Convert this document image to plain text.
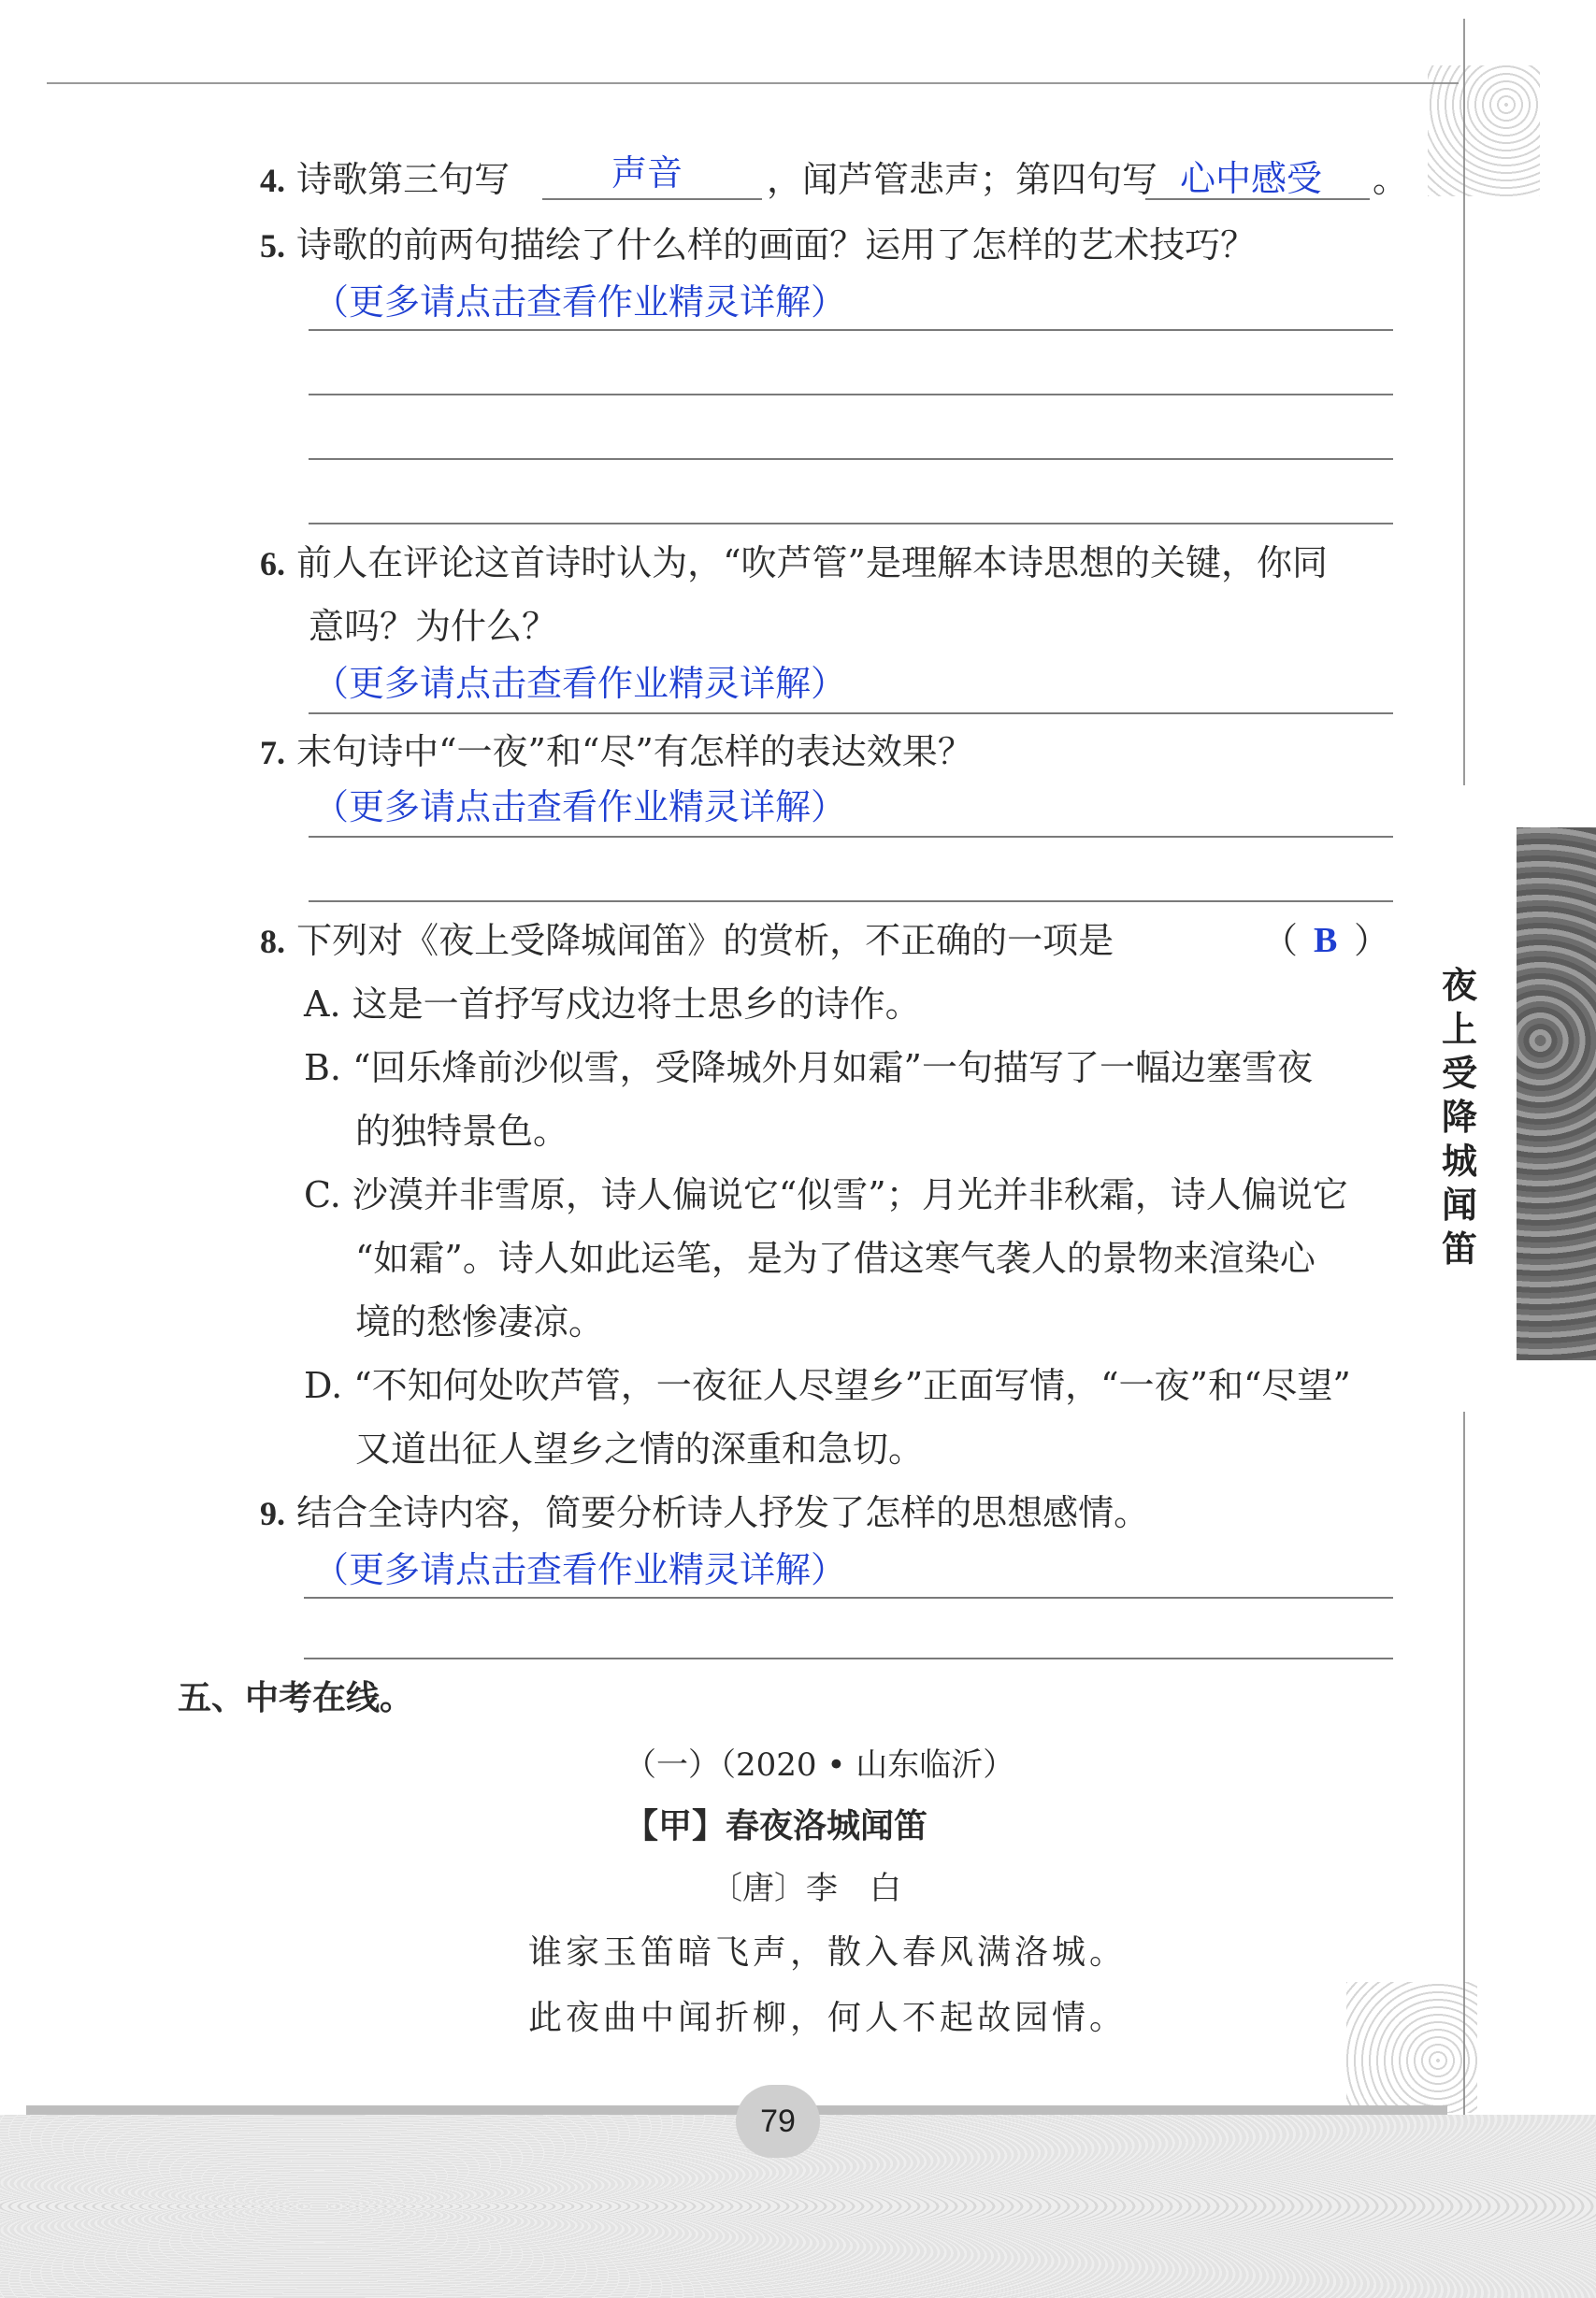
4. 诗歌第三句写	声音 ，闻芦管悲声；第四句写 心中感受 。
5. 诗歌的前两句描绘了什么样的画面？运用了怎样的艺术技巧？
（更多请点击查看作业精灵详解）
6. 前人在评论这首诗时认为，“吹芦管”是理解本诗思想的关键，你同
意吗？为什么？
（更多请点击查看作业精灵详解）
7. 末句诗中“一夜”和“尽”有怎样的表达效果？
（更多请点击查看作业精灵详解）
8. 下列对《夜上受降城闻笛》的赏析，不正确的一项是	（ B ）
A. 这是一首抒写戍边将士思乡的诗作。
B. “回乐烽前沙似雪，受降城外月如霜”一句描写了一幅边塞雪夜
的独特景色。
C. 沙漠并非雪原，诗人偏说它“似雪”；月光并非秋霜，诗人偏说它
“如霜”。诗人如此运笔，是为了借这寒气袭人的景物来渲染心
境的愁惨凄凉。
D. “不知何处吹芦管，一夜征人尽望乡”正面写情，“一夜”和“尽望”
又道出征人望乡之情的深重和急切。
9. 结合全诗内容，简要分析诗人抒发了怎样的思想感情。
（更多请点击查看作业精灵详解）
五、中考在线。
（一）（2020 • 山东临沂）
【甲】春夜洛城闻笛
〔唐〕李　白
谁家玉笛暗飞声，散入春风满洛城。
此夜曲中闻折柳，何人不起故园情。
夜上受降城闻笛
79
